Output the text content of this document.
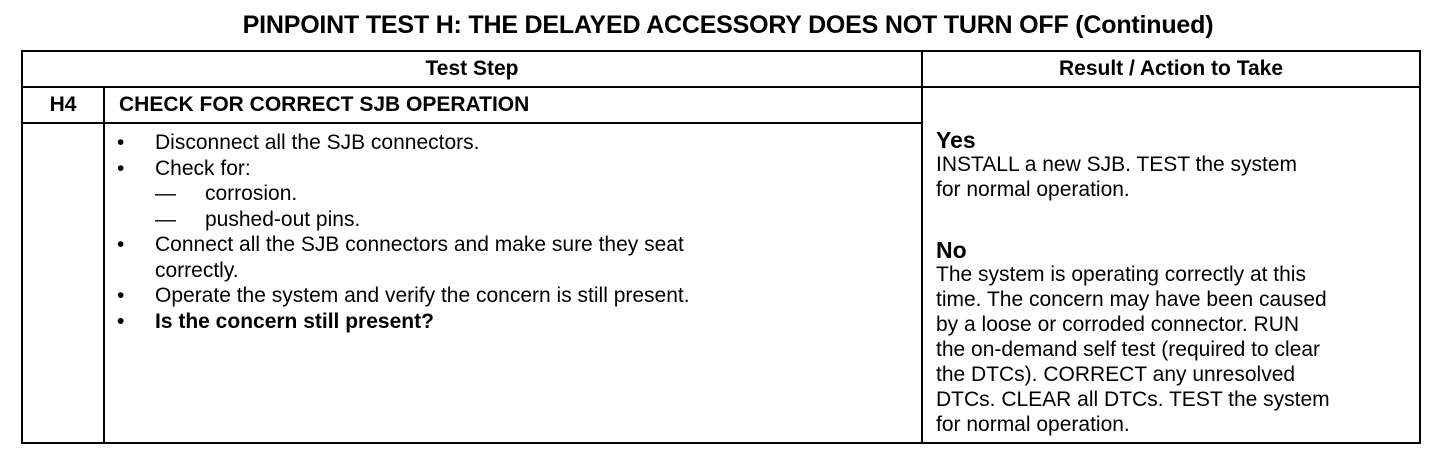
PINPOINT TEST H: THE DELAYED ACCESSORY DOES NOT TURN OFF (Continued)
Test Step	Result / Action to Take
H4	CHECK FOR CORRECT SJB OPERATION
• Disconnect all the SJB connectors.
• Check for:
— corrosion.
— pushed-out pins.
• Connect all the SJB connectors and make sure they seat
correctly.
• Operate the system and verify the concern is still present.
• Is the concern still present?
Yes
INSTALL a new SJB. TEST the system
for normal operation.
No
The system is operating correctly at this
time. The concern may have been caused
by a loose or corroded connector. RUN
the on-demand self test (required to clear
the DTCs). CORRECT any unresolved
DTCs. CLEAR all DTCs. TEST the system
for normal operation.
